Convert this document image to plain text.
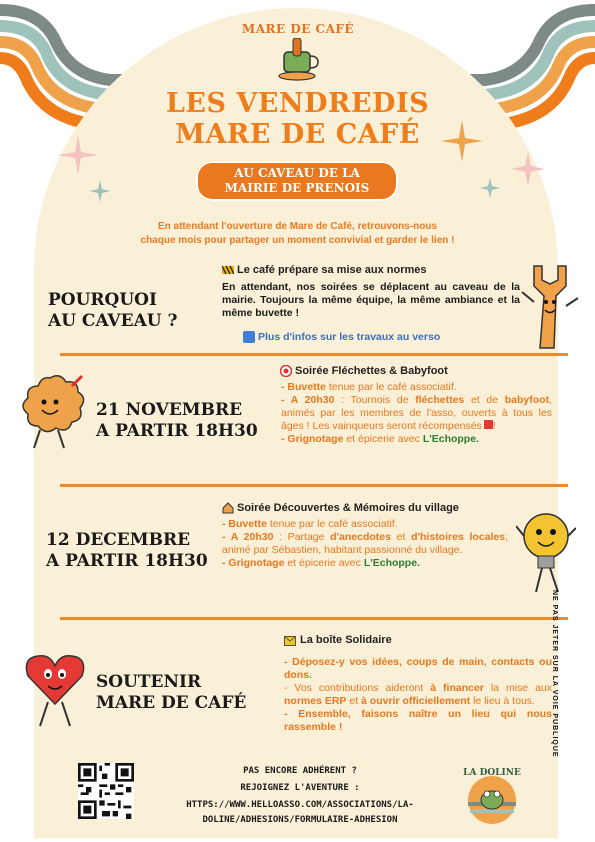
MARE DE CAFÉ
LES VENDREDIS
MARE DE CAFÉ
AU CAVEAU DE LA
MAIRIE DE PRENOIS
En attendant l'ouverture de Mare de Café, retrouvons-nous
chaque mois pour partager un moment convivial et garder le lien !
POURQUOI
AU CAVEAU ?
Le café prépare sa mise aux normes
En attendant, nos soirées se déplacent au caveau de la mairie. Toujours la même équipe, la même ambiance et la même buvette !
Plus d'infos sur les travaux au verso
21 NOVEMBRE
A PARTIR 18H30
Soirée Fléchettes & Babyfoot
- Buvette tenue par le café associatif.
- A 20h30 : Tournois de fléchettes et de babyfoot, animés par les membres de l'asso, ouverts à tous les âges ! Les vainqueurs seront récompensés !
- Grignotage et épicerie avec L'Echoppe.
Soirée Découvertes & Mémoires du village
12 DECEMBRE
A PARTIR 18H30
- Buvette tenue par le café associatif.
- A 20h30 : Partage d'anecdotes et d'histoires locales, animé par Sébastien, habitant passionné du village.
- Grignotage et épicerie avec L'Echoppe.
SOUTENIR
MARE DE CAFÉ
La boîte Solidaire
- Déposez-y vos idées, coups de main, contacts ou dons.
- Vos contributions aideront à financer la mise aux normes ERP et à ouvrir officiellement le lieu à tous.
- Ensemble, faisons naître un lieu qui nous rassemble !	NE PAS JETER SUR LA VOIE PUBLIQUE
PAS ENCORE ADHÉRENT ?
REJOIGNEZ L'AVENTURE :
HTTPS://WWW.HELLOASSO.COM/ASSOCIATIONS/LA-
DOLINE/ADHESIONS/FORMULAIRE-ADHESION
LA DOLINE
